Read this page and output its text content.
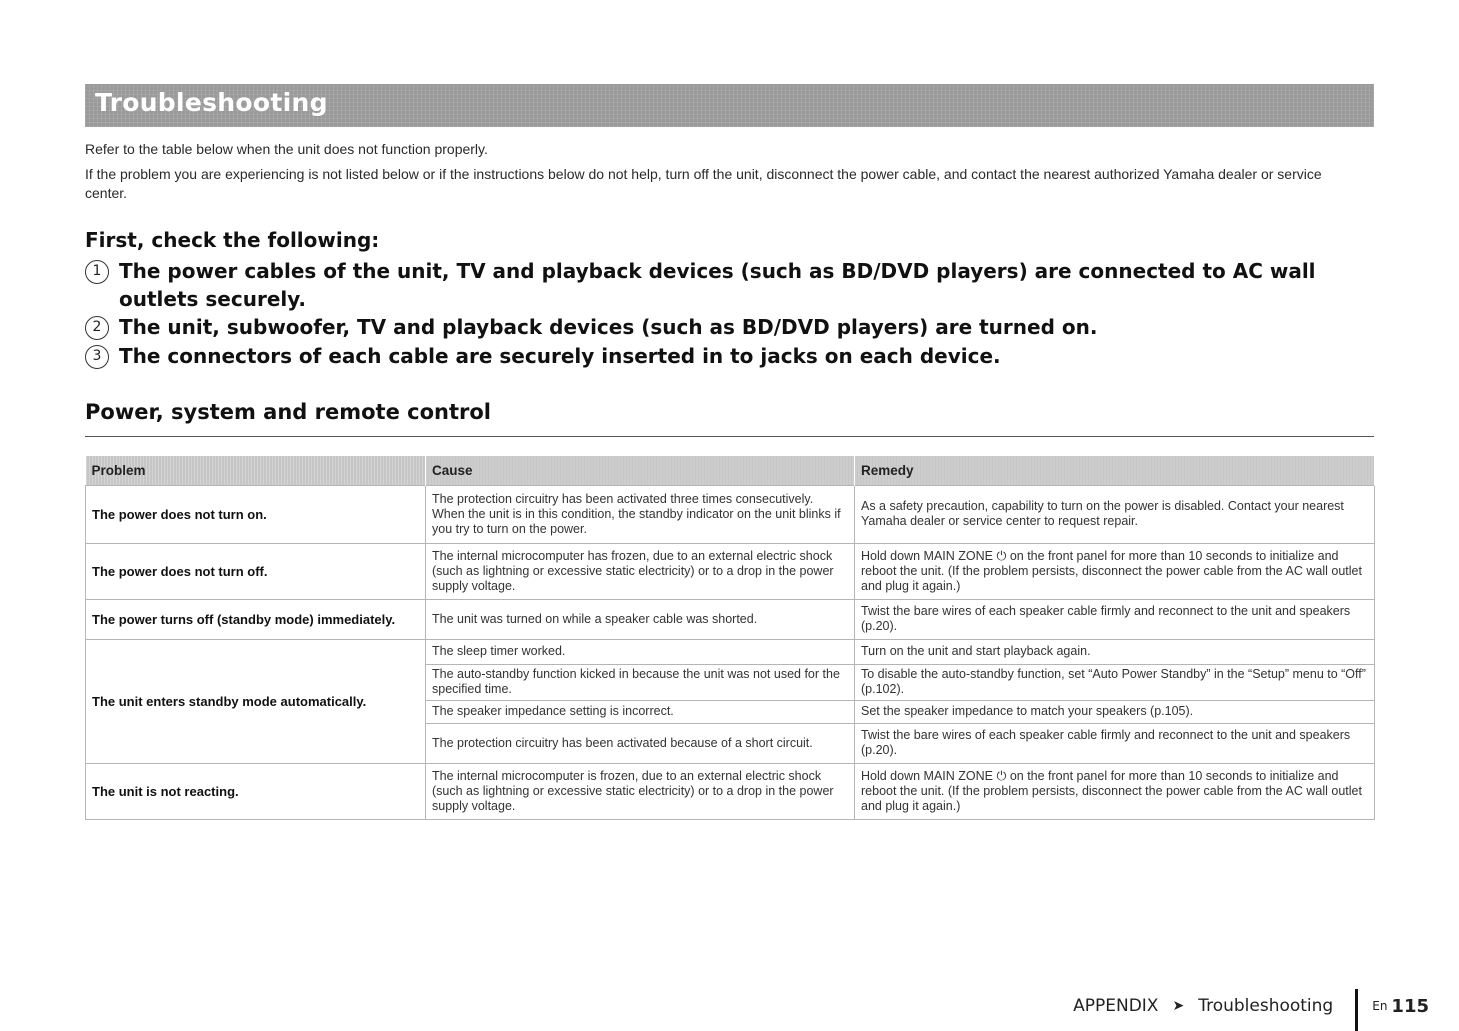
Troubleshooting

Refer to the table below when the unit does not function properly.

If the problem you are experiencing is not listed below or if the instructions below do not help, turn off the unit, disconnect the power cable, and contact the nearest authorized Yamaha dealer or service center.

First, check the following:
1 The power cables of the unit, TV and playback devices (such as BD/DVD players) are connected to AC wall outlets securely.
2 The unit, subwoofer, TV and playback devices (such as BD/DVD players) are turned on.
3 The connectors of each cable are securely inserted in to jacks on each device.
Power, system and remote control
Problem	Cause	Remedy
The power does not turn on.	The protection circuitry has been activated three times consecutively. When the unit is in this condition, the standby indicator on the unit blinks if you try to turn on the power.	As a safety precaution, capability to turn on the power is disabled. Contact your nearest Yamaha dealer or service center to request repair.
The power does not turn off.	The internal microcomputer has frozen, due to an external electric shock (such as lightning or excessive static electricity) or to a drop in the power supply voltage.	Hold down MAIN ZONE ⏻ on the front panel for more than 10 seconds to initialize and reboot the unit. (If the problem persists, disconnect the power cable from the AC wall outlet and plug it again.)
The power turns off (standby mode) immediately.	The unit was turned on while a speaker cable was shorted.	Twist the bare wires of each speaker cable firmly and reconnect to the unit and speakers (p.20).
The unit enters standby mode automatically.	The sleep timer worked.	Turn on the unit and start playback again.
	The auto-standby function kicked in because the unit was not used for the specified time.	To disable the auto-standby function, set “Auto Power Standby” in the “Setup” menu to “Off” (p.102).
	The speaker impedance setting is incorrect.	Set the speaker impedance to match your speakers (p.105).
	The protection circuitry has been activated because of a short circuit.	Twist the bare wires of each speaker cable firmly and reconnect to the unit and speakers (p.20).
The unit is not reacting.	The internal microcomputer is frozen, due to an external electric shock (such as lightning or excessive static electricity) or to a drop in the power supply voltage.	Hold down MAIN ZONE ⏻ on the front panel for more than 10 seconds to initialize and reboot the unit. (If the problem persists, disconnect the power cable from the AC wall outlet and plug it again.)
APPENDIX ➤ Troubleshooting	En 115
